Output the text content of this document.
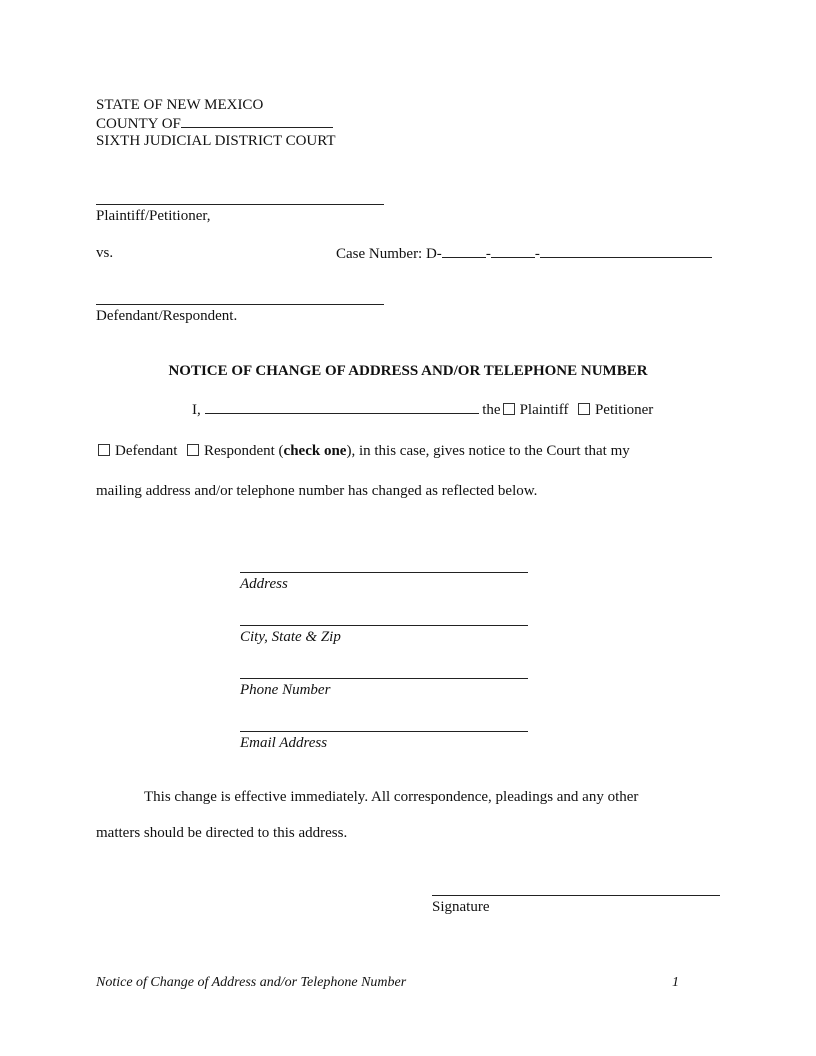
STATE OF NEW MEXICO
COUNTY OF
SIXTH JUDICIAL DISTRICT COURT
Plaintiff/Petitioner,
vs.	Case Number: D-	-	-
Defendant/Respondent.
NOTICE OF CHANGE OF ADDRESS AND/OR TELEPHONE NUMBER
I,	the Plaintiff Petitioner
Defendant Respondent (check one), in this case, gives notice to the Court that my
mailing address and/or telephone number has changed as reflected below.
Address
City, State & Zip
Phone Number
Email Address
This change is effective immediately. All correspondence, pleadings and any other
matters should be directed to this address.
Signature
Notice of Change of Address and/or Telephone Number	1
